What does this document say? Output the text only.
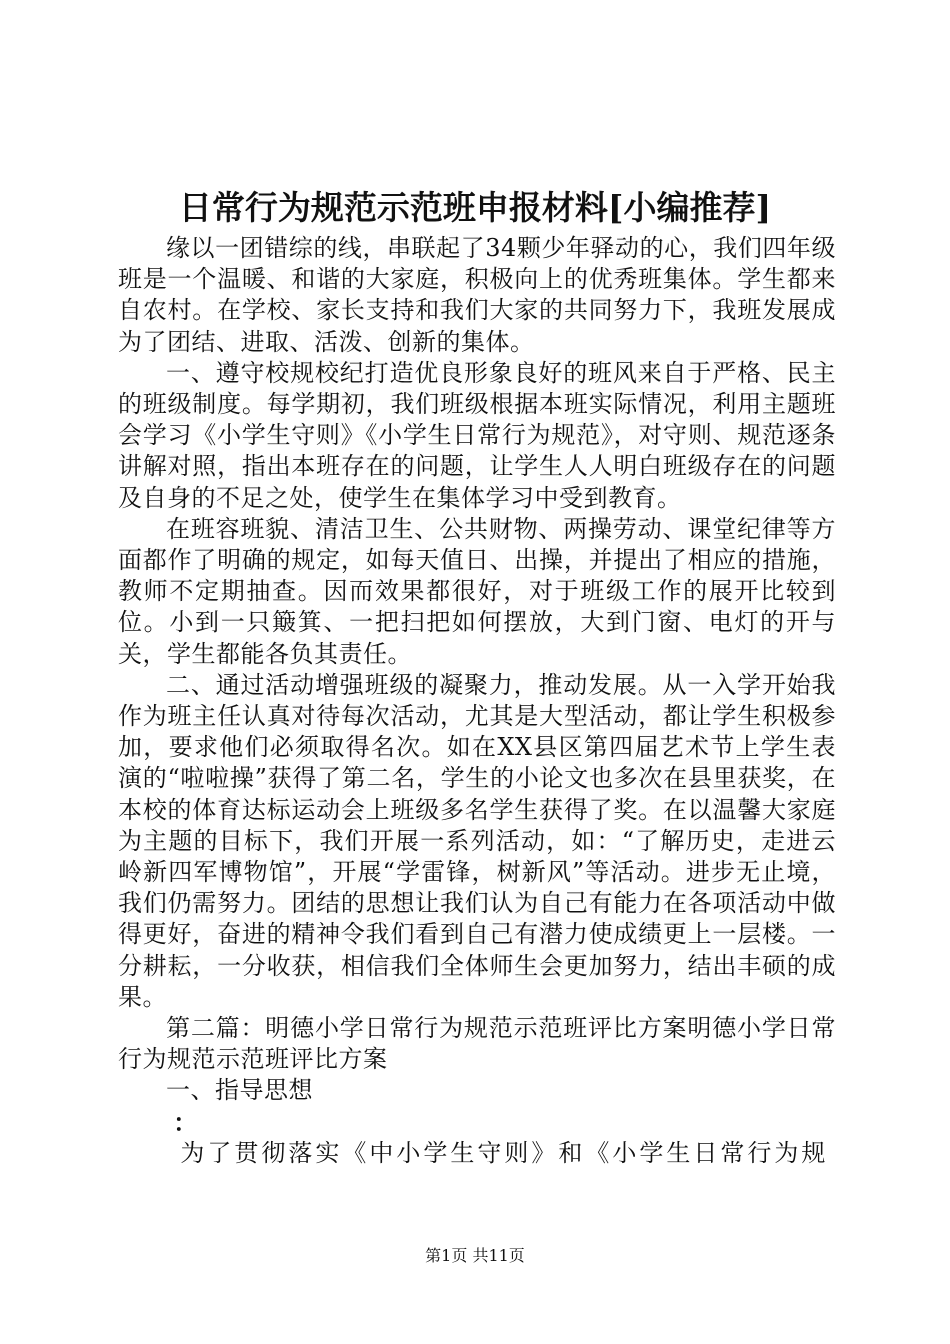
日常行为规范示范班申报材料[小编推荐]

缘以一团错综的线，串联起了34颗少年驿动的心，我们四年级班是一个温暖、和谐的大家庭，积极向上的优秀班集体。学生都来自农村。在学校、家长支持和我们大家的共同努力下，我班发展成为了团结、进取、活泼、创新的集体。

一、遵守校规校纪打造优良形象良好的班风来自于严格、民主的班级制度。每学期初，我们班级根据本班实际情况，利用主题班会学习《小学生守则》《小学生日常行为规范》，对守则、规范逐条讲解对照，指出本班存在的问题，让学生人人明白班级存在的问题及自身的不足之处，使学生在集体学习中受到教育。

在班容班貌、清洁卫生、公共财物、两操劳动、课堂纪律等方面都作了明确的规定，如每天值日、出操，并提出了相应的措施，教师不定期抽查。因而效果都很好，对于班级工作的展开比较到位。小到一只簸箕、一把扫把如何摆放，大到门窗、电灯的开与关，学生都能各负其责任。

二、通过活动增强班级的凝聚力，推动发展。从一入学开始我作为班主任认真对待每次活动，尤其是大型活动，都让学生积极参加，要求他们必须取得名次。如在XX县区第四届艺术节上学生表演的“啦啦操”获得了第二名，学生的小论文也多次在县里获奖，在本校的体育达标运动会上班级多名学生获得了奖。在以温馨大家庭为主题的目标下，我们开展一系列活动，如：“了解历史，走进云岭新四军博物馆”，开展“学雷锋，树新风”等活动。进步无止境，我们仍需努力。团结的思想让我们认为自己有能力在各项活动中做得更好，奋进的精神令我们看到自己有潜力使成绩更上一层楼。一分耕耘，一分收获，相信我们全体师生会更加努力，结出丰硕的成果。

第二篇：明德小学日常行为规范示范班评比方案明德小学日常行为规范示范班评比方案

一、指导思想

：

为了贯彻落实《中小学生守则》和《小学生日常行为规

第1页 共11页
